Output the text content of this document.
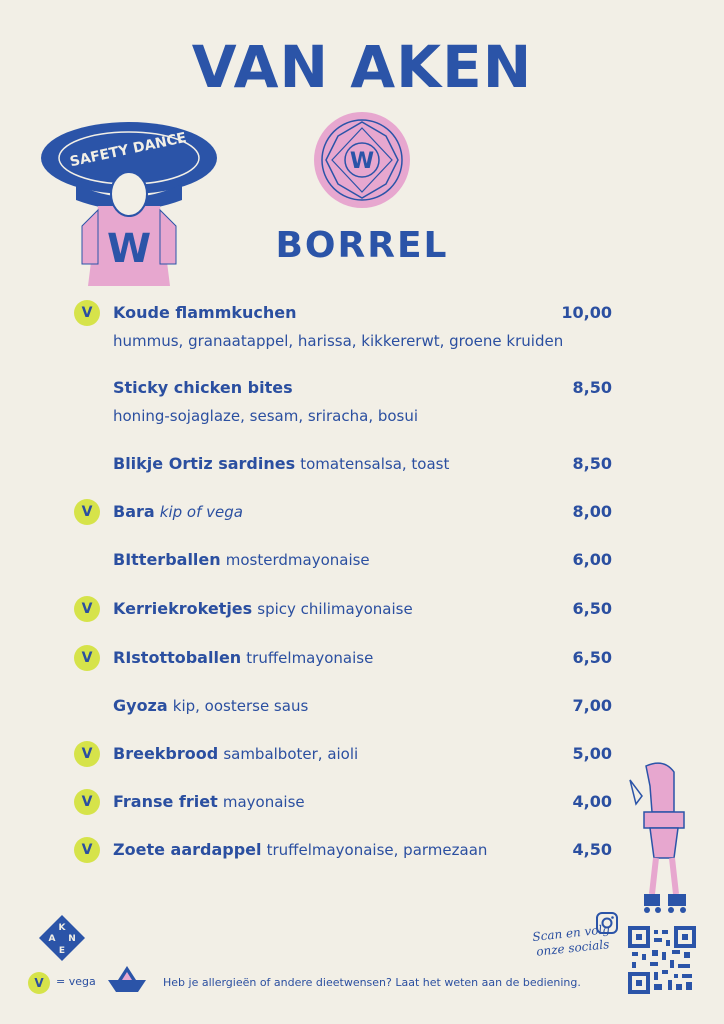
VAN AKEN
SAFETY DANCE
W
W
BORREL
V	Koude flammkuchen	10,00
hummus, granaatappel, harissa, kikkererwt, groene kruiden
Sticky chicken bites	8,50
honing-sojaglaze, sesam, sriracha, bosui
Blikje Ortiz sardines tomatensalsa, toast	8,50
V	Bara kip of vega	8,00
BItterballen mosterdmayonaise	6,00
V	Kerriekroketjes spicy chilimayonaise	6,50
V	RIstottoballen truffelmayonaise	6,50
Gyoza kip, oosterse saus	7,00
V	Breekbrood sambalboter, aioli	5,00
V	Franse friet mayonaise	4,00
V	Zoete aardappel truffelmayonaise, parmezaan	4,50
Scan en volg onze socials
K
A N
E
V	= vega	Heb je allergieën of andere dieetwensen? Laat het weten aan de bediening.
